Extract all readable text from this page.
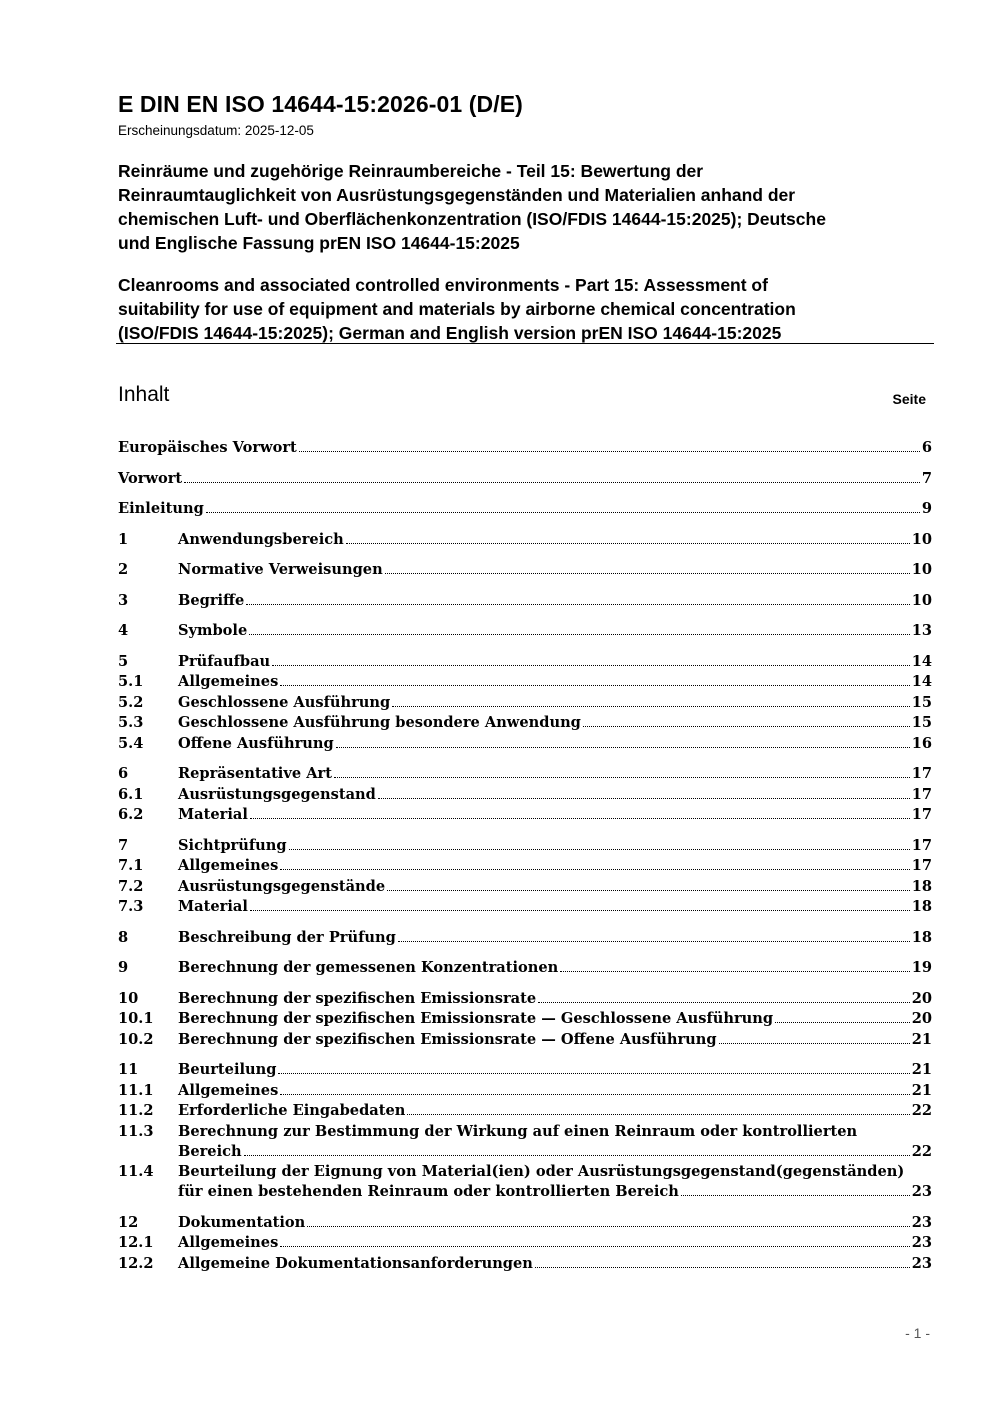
E DIN EN ISO 14644-15:2026-01 (D/E)
Erscheinungsdatum: 2025-12-05
Reinräume und zugehörige Reinraumbereiche - Teil 15: Bewertung der
Reinraumtauglichkeit von Ausrüstungsgegenständen und Materialien anhand der
chemischen Luft- und Oberflächenkonzentration (ISO/FDIS 14644-15:2025); Deutsche
und Englische Fassung prEN ISO 14644-15:2025
Cleanrooms and associated controlled environments - Part 15: Assessment of
suitability for use of equipment and materials by airborne chemical concentration
(ISO/FDIS 14644-15:2025); German and English version prEN ISO 14644-15:2025
Inhalt	Seite
Europäisches Vorwort	6
Vorwort	7
Einleitung	9
1	Anwendungsbereich	10
2	Normative Verweisungen	10
3	Begriffe	10
4	Symbole	13
5	Prüfaufbau	14
5.1	Allgemeines	14
5.2	Geschlossene Ausführung	15
5.3	Geschlossene Ausführung besondere Anwendung	15
5.4	Offene Ausführung	16
6	Repräsentative Art	17
6.1	Ausrüstungsgegenstand	17
6.2	Material	17
7	Sichtprüfung	17
7.1	Allgemeines	17
7.2	Ausrüstungsgegenstände	18
7.3	Material	18
8	Beschreibung der Prüfung	18
9	Berechnung der gemessenen Konzentrationen	19
10	Berechnung der spezifischen Emissionsrate	20
10.1	Berechnung der spezifischen Emissionsrate — Geschlossene Ausführung	20
10.2	Berechnung der spezifischen Emissionsrate — Offene Ausführung	21
11	Beurteilung	21
11.1	Allgemeines	21
11.2	Erforderliche Eingabedaten	22
11.3	Berechnung zur Bestimmung der Wirkung auf einen Reinraum oder kontrollierten
Bereich	22
11.4	Beurteilung der Eignung von Material(ien) oder Ausrüstungsgegenstand(gegenständen)
für einen bestehenden Reinraum oder kontrollierten Bereich	23
12	Dokumentation	23
12.1	Allgemeines	23
12.2	Allgemeine Dokumentationsanforderungen	23
- 1 -
